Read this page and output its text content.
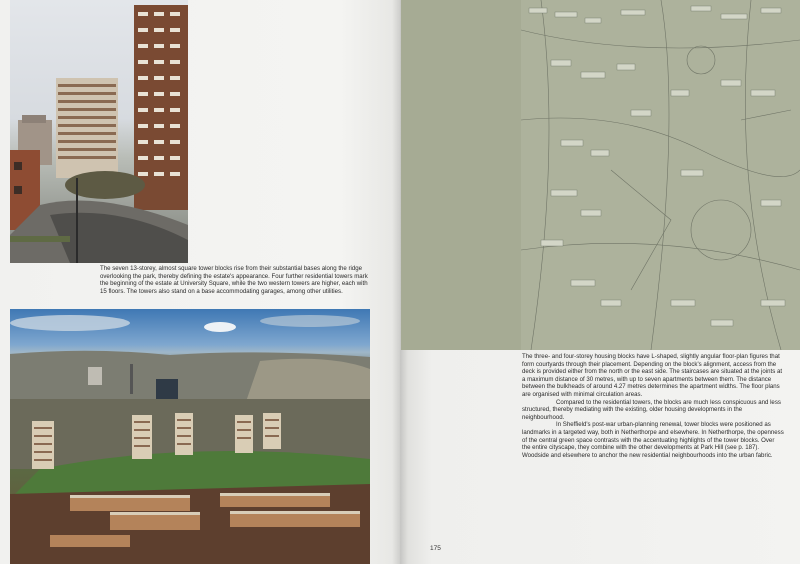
The seven 13-storey, almost square tower blocks rise from their substantial bases along the ridge overlooking the park, thereby defining the estate's appearance. Four further residential towers mark the beginning of the estate at University Square, while the two western towers are higher, each with 15 floors. The towers also stand on a base accommodating garages, among other utilities.

The three- and four-storey housing blocks have L-shaped, slightly angular floor-plan figures that form courtyards through their placement. Depending on the block's alignment, access from the deck is provided either from the north or the east side. The staircases are situated at the joints at a maximum distance of 30 metres, with up to seven apartments between them. The distance between the bulkheads of around 4.27 metres determines the apartment widths. The floor plans are organised with minimal circulation areas.

Compared to the residential towers, the blocks are much less conspicuous and less structured, thereby mediating with the existing, older housing developments in the neighbourhood.

In Sheffield's post-war urban-planning renewal, tower blocks were positioned as landmarks in a targeted way, both in Netherthorpe and elsewhere. In Netherthorpe, the openness of the central green space contrasts with the accentuating highlights of the tower blocks. Over the entire cityscape, they combine with the other developments at Park Hill (see p. 187). Woodside and elsewhere to anchor the new residential neighbourhoods into the urban fabric.

175
